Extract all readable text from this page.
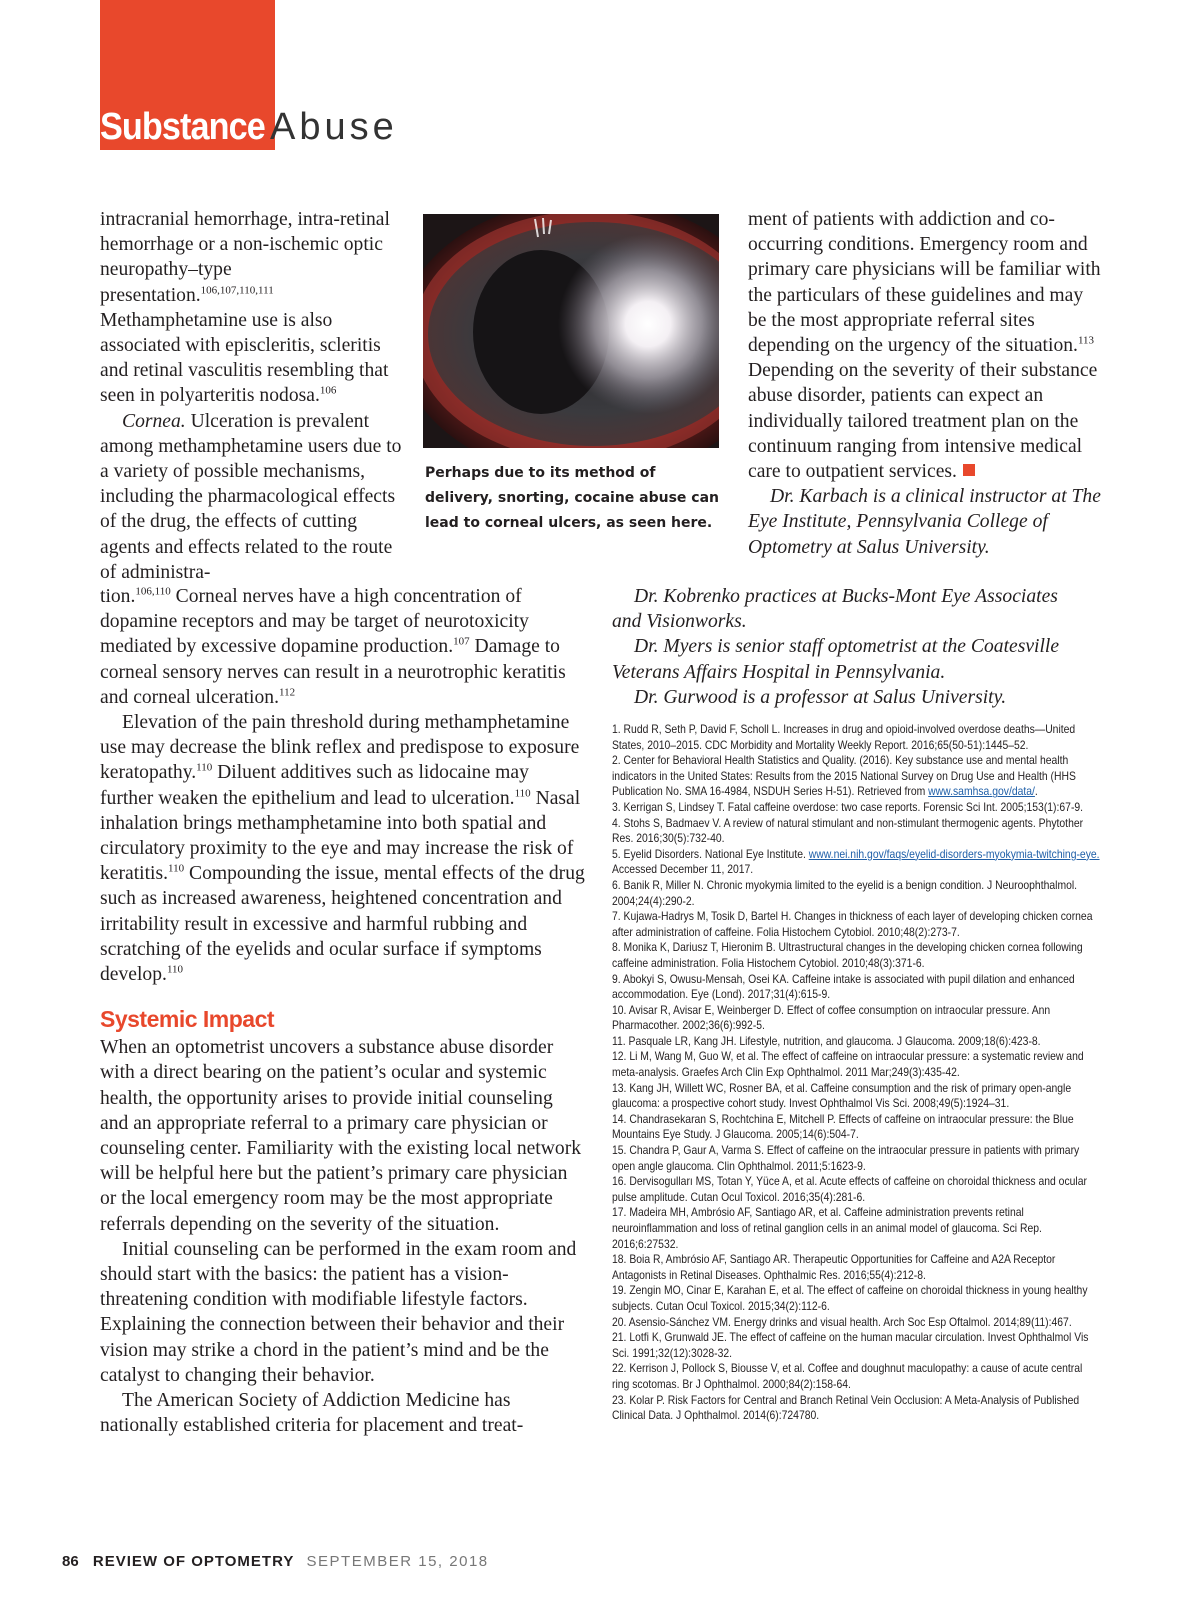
Substance Abuse

intracranial hemorrhage, intra-retinal hemorrhage or a non-ischemic optic neuropathy–type presentation.$^{106,107,110,111}$ Methamphetamine use is also associated with episcleritis, scleritis and retinal vasculitis resembling that seen in polyarteritis nodosa.$^{106}$

Cornea. Ulceration is prevalent among methamphetamine users due to a variety of possible mechanisms, including the pharmacological effects of the drug, the effects of cutting agents and effects related to the route of administra-

Perhaps due to its method of delivery, snorting, cocaine abuse can lead to corneal ulcers, as seen here.

tion.$^{106,110}$ Corneal nerves have a high concentration of dopamine receptors and may be target of neurotoxicity mediated by excessive dopamine production.$^{107}$ Damage to corneal sensory nerves can result in a neurotrophic keratitis and corneal ulceration.$^{112}$

Elevation of the pain threshold during methamphetamine use may decrease the blink reflex and predispose to exposure keratopathy.$^{110}$ Diluent additives such as lidocaine may further weaken the epithelium and lead to ulceration.$^{110}$ Nasal inhalation brings methamphetamine into both spatial and circulatory proximity to the eye and may increase the risk of keratitis.$^{110}$ Compounding the issue, mental effects of the drug such as increased awareness, heightened concentration and irritability result in excessive and harmful rubbing and scratching of the eyelids and ocular surface if symptoms develop.$^{110}$

Systemic Impact

When an optometrist uncovers a substance abuse disorder with a direct bearing on the patient’s ocular and systemic health, the opportunity arises to provide initial counseling and an appropriate referral to a primary care physician or counseling center. Familiarity with the existing local network will be helpful here but the patient’s primary care physician or the local emergency room may be the most appropriate referrals depending on the severity of the situation.

Initial counseling can be performed in the exam room and should start with the basics: the patient has a vision-threatening condition with modifiable lifestyle factors. Explaining the connection between their behavior and their vision may strike a chord in the patient’s mind and be the catalyst to changing their behavior.

The American Society of Addiction Medicine has nationally established criteria for placement and treat-

ment of patients with addiction and co-occurring conditions. Emergency room and primary care physicians will be familiar with the particulars of these guidelines and may be the most appropriate referral sites depending on the urgency of the situation.$^{113}$ Depending on the severity of their substance abuse disorder, patients can expect an individually tailored treatment plan on the continuum ranging from intensive medical care to outpatient services.

Dr. Karbach is a clinical instructor at The Eye Institute, Pennsylvania College of Optometry at Salus University.

Dr. Kobrenko practices at Bucks-Mont Eye Associates and Visionworks.

Dr. Myers is senior staff optometrist at the Coatesville Veterans Affairs Hospital in Pennsylvania.

Dr. Gurwood is a professor at Salus University.

1. Rudd R, Seth P, David F, Scholl L. Increases in drug and opioid-involved overdose deaths—United States, 2010–2015. CDC Morbidity and Mortality Weekly Report. 2016;65(50-51):1445–52.

2. Center for Behavioral Health Statistics and Quality. (2016). Key substance use and mental health indicators in the United States: Results from the 2015 National Survey on Drug Use and Health (HHS Publication No. SMA 16-4984, NSDUH Series H-51). Retrieved from www.samhsa.gov/data/.

3. Kerrigan S, Lindsey T. Fatal caffeine overdose: two case reports. Forensic Sci Int. 2005;153(1):67-9.

4. Stohs S, Badmaev V. A review of natural stimulant and non-stimulant thermogenic agents. Phytother Res. 2016;30(5):732-40.

5. Eyelid Disorders. National Eye Institute. www.nei.nih.gov/faqs/eyelid-disorders-myokymia-twitching-eye. Accessed December 11, 2017.

6. Banik R, Miller N. Chronic myokymia limited to the eyelid is a benign condition. J Neuroophthalmol. 2004;24(4):290-2.

7. Kujawa-Hadrys M, Tosik D, Bartel H. Changes in thickness of each layer of developing chicken cornea after administration of caffeine. Folia Histochem Cytobiol. 2010;48(2):273-7.

8. Monika K, Dariusz T, Hieronim B. Ultrastructural changes in the developing chicken cornea following caffeine administration. Folia Histochem Cytobiol. 2010;48(3):371-6.

9. Abokyi S, Owusu-Mensah, Osei KA. Caffeine intake is associated with pupil dilation and enhanced accommodation. Eye (Lond). 2017;31(4):615-9.

10. Avisar R, Avisar E, Weinberger D. Effect of coffee consumption on intraocular pressure. Ann Pharmacother. 2002;36(6):992-5.

11. Pasquale LR, Kang JH. Lifestyle, nutrition, and glaucoma. J Glaucoma. 2009;18(6):423-8.

12. Li M, Wang M, Guo W, et al. The effect of caffeine on intraocular pressure: a systematic review and meta-analysis. Graefes Arch Clin Exp Ophthalmol. 2011 Mar;249(3):435-42.

13. Kang JH, Willett WC, Rosner BA, et al. Caffeine consumption and the risk of primary open-angle glaucoma: a prospective cohort study. Invest Ophthalmol Vis Sci. 2008;49(5):1924–31.

14. Chandrasekaran S, Rochtchina E, Mitchell P. Effects of caffeine on intraocular pressure: the Blue Mountains Eye Study. J Glaucoma. 2005;14(6):504-7.

15. Chandra P, Gaur A, Varma S. Effect of caffeine on the intraocular pressure in patients with primary open angle glaucoma. Clin Ophthalmol. 2011;5:1623-9.

16. Dervisogulları MS, Totan Y, Yüce A, et al. Acute effects of caffeine on choroidal thickness and ocular pulse amplitude. Cutan Ocul Toxicol. 2016;35(4):281-6.

17. Madeira MH, Ambrósio AF, Santiago AR, et al. Caffeine administration prevents retinal neuroinflammation and loss of retinal ganglion cells in an animal model of glaucoma. Sci Rep. 2016;6:27532.

18. Boia R, Ambrósio AF, Santiago AR. Therapeutic Opportunities for Caffeine and A2A Receptor Antagonists in Retinal Diseases. Ophthalmic Res. 2016;55(4):212-8.

19. Zengin MO, Cinar E, Karahan E, et al. The effect of caffeine on choroidal thickness in young healthy subjects. Cutan Ocul Toxicol. 2015;34(2):112-6.

20. Asensio-Sánchez VM. Energy drinks and visual health. Arch Soc Esp Oftalmol. 2014;89(11):467.

21. Lotfi K, Grunwald JE. The effect of caffeine on the human macular circulation. Invest Ophthalmol Vis Sci. 1991;32(12):3028-32.

22. Kerrison J, Pollock S, Biousse V, et al. Coffee and doughnut maculopathy: a cause of acute central ring scotomas. Br J Ophthalmol. 2000;84(2):158-64.

23. Kolar P. Risk Factors for Central and Branch Retinal Vein Occlusion: A Meta-Analysis of Published Clinical Data. J Ophthalmol. 2014(6):724780.

86 REVIEW OF OPTOMETRY SEPTEMBER 15, 2018
